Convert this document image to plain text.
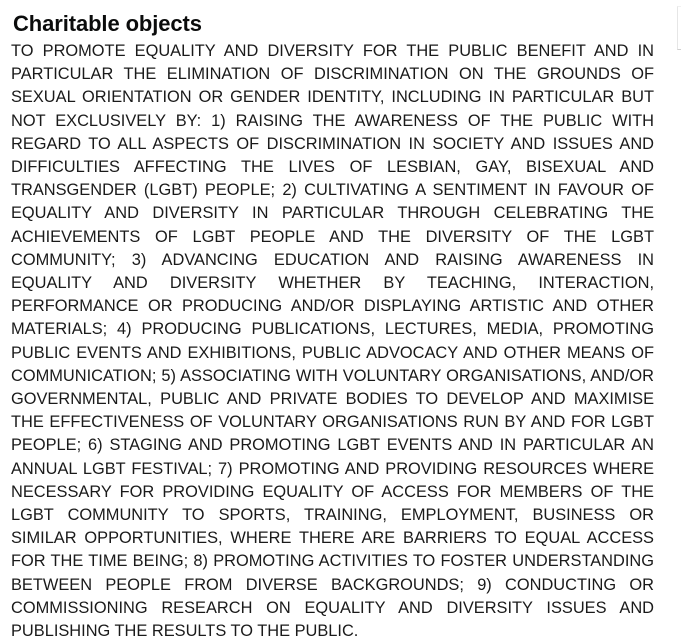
Charitable objects

TO PROMOTE EQUALITY AND DIVERSITY FOR THE PUBLIC BENEFIT AND IN PARTICULAR THE ELIMINATION OF DISCRIMINATION ON THE GROUNDS OF SEXUAL ORIENTATION OR GENDER IDENTITY, INCLUDING IN PARTICULAR BUT NOT EXCLUSIVELY BY: 1) RAISING THE AWARENESS OF THE PUBLIC WITH REGARD TO ALL ASPECTS OF DISCRIMINATION IN SOCIETY AND ISSUES AND DIFFICULTIES AFFECTING THE LIVES OF LESBIAN, GAY, BISEXUAL AND TRANSGENDER (LGBT) PEOPLE; 2) CULTIVATING A SENTIMENT IN FAVOUR OF EQUALITY AND DIVERSITY IN PARTICULAR THROUGH CELEBRATING THE ACHIEVEMENTS OF LGBT PEOPLE AND THE DIVERSITY OF THE LGBT COMMUNITY; 3) ADVANCING EDUCATION AND RAISING AWARENESS IN EQUALITY AND DIVERSITY WHETHER BY TEACHING, INTERACTION, PERFORMANCE OR PRODUCING AND/OR DISPLAYING ARTISTIC AND OTHER MATERIALS; 4) PRODUCING PUBLICATIONS, LECTURES, MEDIA, PROMOTING PUBLIC EVENTS AND EXHIBITIONS, PUBLIC ADVOCACY AND OTHER MEANS OF COMMUNICATION; 5) ASSOCIATING WITH VOLUNTARY ORGANISATIONS, AND/OR GOVERNMENTAL, PUBLIC AND PRIVATE BODIES TO DEVELOP AND MAXIMISE THE EFFECTIVENESS OF VOLUNTARY ORGANISATIONS RUN BY AND FOR LGBT PEOPLE; 6) STAGING AND PROMOTING LGBT EVENTS AND IN PARTICULAR AN ANNUAL LGBT FESTIVAL; 7) PROMOTING AND PROVIDING RESOURCES WHERE NECESSARY FOR PROVIDING EQUALITY OF ACCESS FOR MEMBERS OF THE LGBT COMMUNITY TO SPORTS, TRAINING, EMPLOYMENT, BUSINESS OR SIMILAR OPPORTUNITIES, WHERE THERE ARE BARRIERS TO EQUAL ACCESS FOR THE TIME BEING; 8) PROMOTING ACTIVITIES TO FOSTER UNDERSTANDING BETWEEN PEOPLE FROM DIVERSE BACKGROUNDS; 9) CONDUCTING OR COMMISSIONING RESEARCH ON EQUALITY AND DIVERSITY ISSUES AND PUBLISHING THE RESULTS TO THE PUBLIC.
